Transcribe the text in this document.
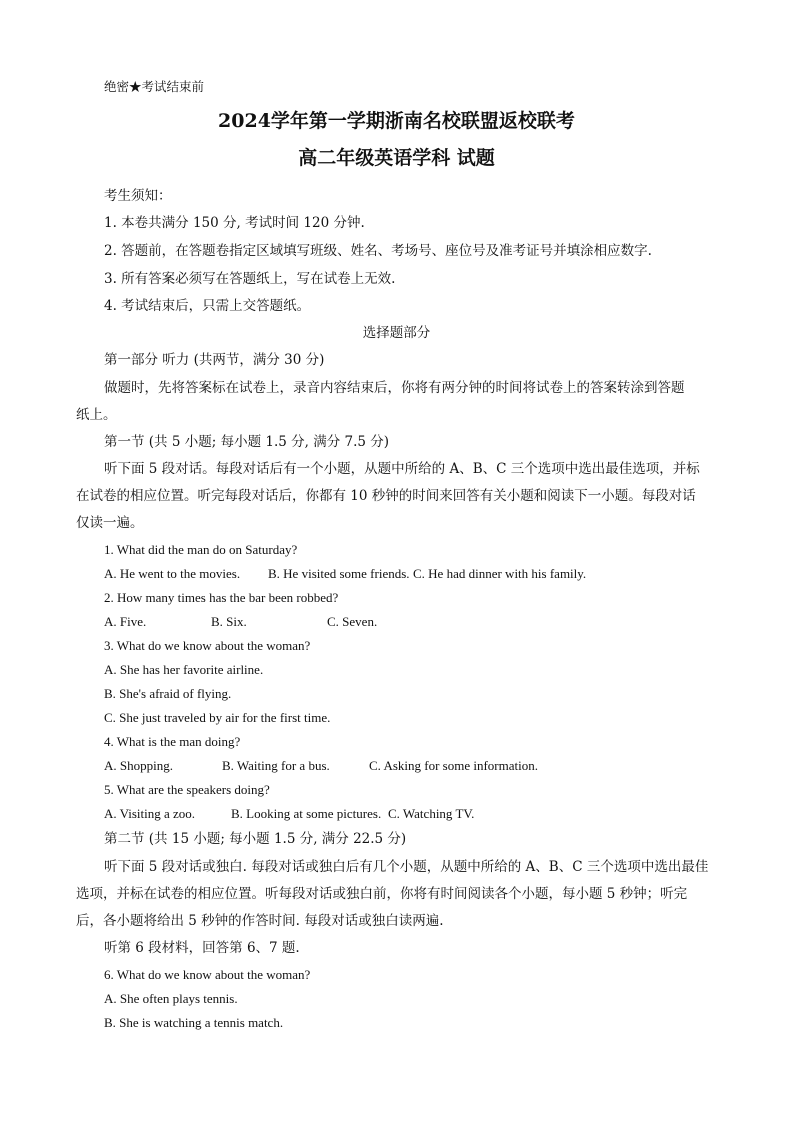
绝密★考试结束前
2024学年第一学期浙南名校联盟返校联考
高二年级英语学科 试题
考生须知：
1. 本卷共满分 150 分, 考试时间 120 分钟.
2. 答题前，在答题卷指定区域填写班级、姓名、考场号、座位号及准考证号并填涂相应数字.
3. 所有答案必须写在答题纸上，写在试卷上无效.
4. 考试结束后，只需上交答题纸。
选择题部分
第一部分 听力 (共两节，满分 30 分)
做题时，先将答案标在试卷上，录音内容结束后，你将有两分钟的时间将试卷上的答案转涂到答题
纸上。
第一节 (共 5 小题; 每小题 1.5 分, 满分 7.5 分)
听下面 5 段对话。每段对话后有一个小题，从题中所给的 A、B、C 三个选项中选出最佳选项，并标
在试卷的相应位置。听完每段对话后，你都有 10 秒钟的时间来回答有关小题和阅读下一小题。每段对话
仅读一遍。
1. What did the man do on Saturday?
A. He went to the movies. B. He visited some friends. C. He had dinner with his family.
2. How many times has the bar been robbed?
A. Five.	B. Six.	C. Seven.
3. What do we know about the woman?
A. She has her favorite airline.
B. She's afraid of flying.
C. She just traveled by air for the first time.
4. What is the man doing?
A. Shopping.	B. Waiting for a bus.	C. Asking for some information.
5. What are the speakers doing?
A. Visiting a zoo.	B. Looking at some pictures. C. Watching TV.
第二节 (共 15 小题; 每小题 1.5 分, 满分 22.5 分)
听下面 5 段对话或独白. 每段对话或独白后有几个小题，从题中所给的 A、B、C 三个选项中选出最佳
选项，并标在试卷的相应位置。听每段对话或独白前，你将有时间阅读各个小题，每小题 5 秒钟；听完
后，各小题将给出 5 秒钟的作答时间. 每段对话或独白读两遍.
听第 6 段材料，回答第 6、7 题.
6. What do we know about the woman?
A. She often plays tennis.
B. She is watching a tennis match.
